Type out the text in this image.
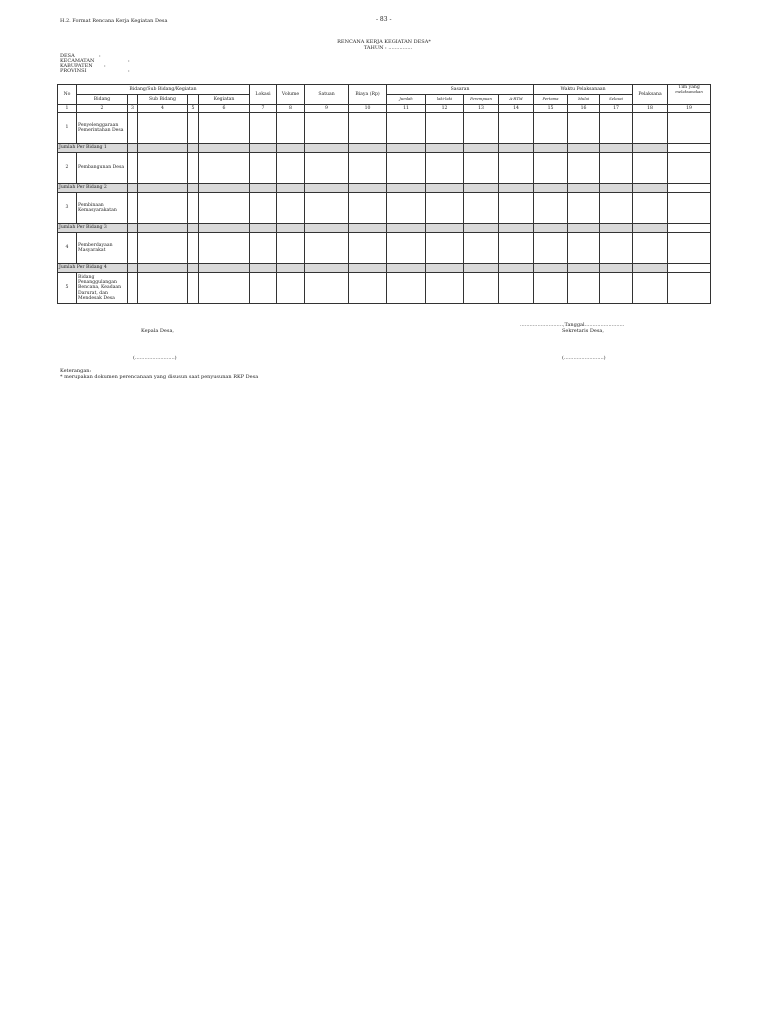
H.2. Format Rencana Kerja Kegiatan Desa	- 83 -
RENCANA KERJA KEGIATAN DESA*
TAHUN : ...............
DESA	:
KECAMATAN	:
KABUPATEN :
PROVINSI	:
No	Bidang/Sub Bidang/Kegiatan					Lokasi	Volume	Satuan	Biaya (Rp)	Sasaran				Waktu Pelaksanaan			Pelaksana	Tim yang
melaksanakan

										Jumlah	laki-laki	Perempuan	A-RTM	Pertama	Mulai	Selesai		
	Bidang		Sub Bidang		Kegiatan													
1	2	3	4	5	6	7	8	9	10	11	12	13	14	15	16	17	18	19
1	Penyelenggaraan Pemerintahan Desa																	
Jumlah Per Bidang 1																		
2	Pembangunan Desa																	
Jumlah Per Bidang 2																		
3	Pembinaan Kemasyarakatan																	
Jumlah Per Bidang 3																		
4	Pemberdayaan Masyarakat																	
Jumlah Per Bidang 4																		
5	Bidang Penanggulangan Bencana, Keadaan Darurat, dan Mendesak Desa																	
Kepala Desa,
...........................,Tanggal.........................
Sekretaris Desa,
(.........................)	(.........................)
Keterangan:
* merupakan dokumen perencanaan yang disusun saat penyusunan RKP Desa
